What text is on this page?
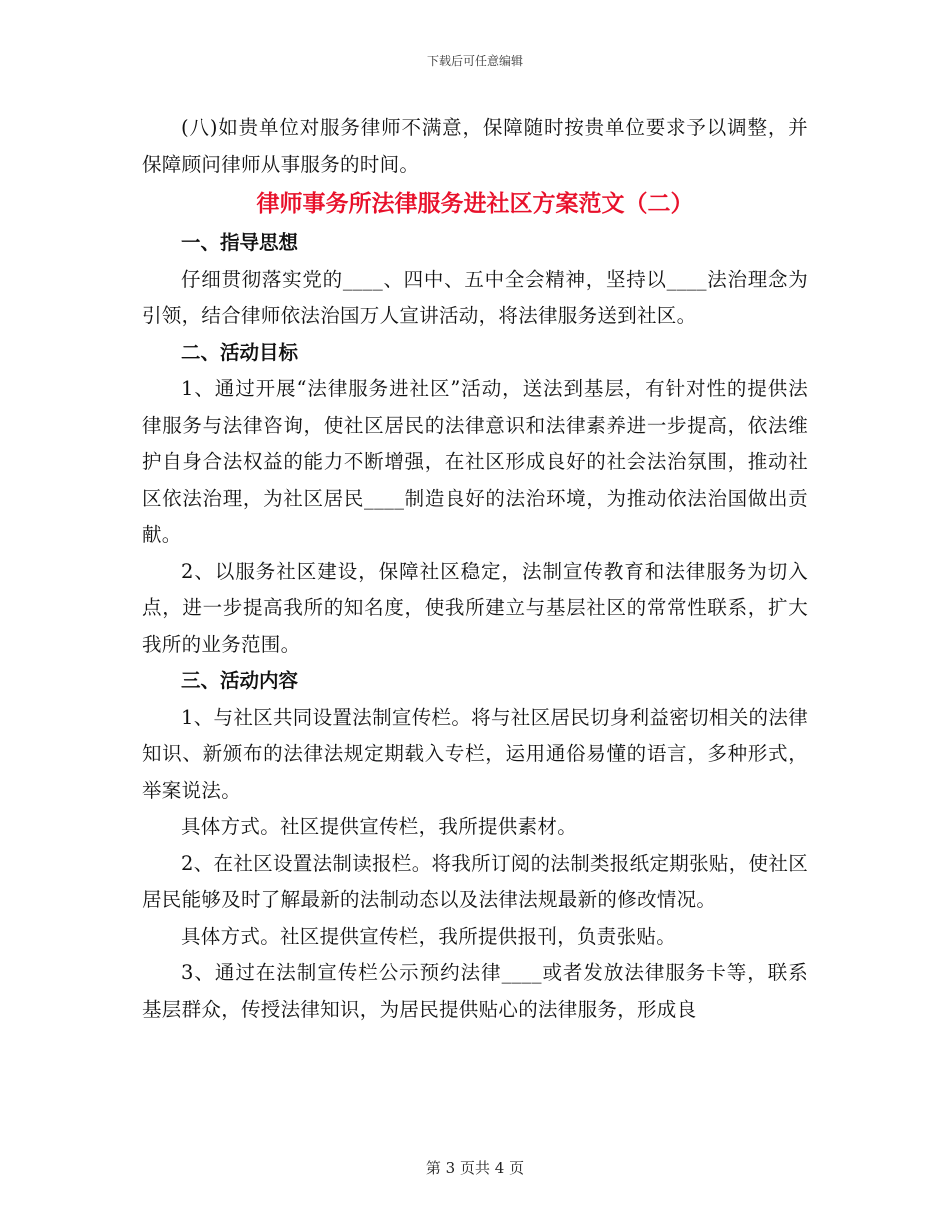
下载后可任意编辑

(八)如贵单位对服务律师不满意，保障随时按贵单位要求予以调整，并保障顾问律师从事服务的时间。

律师事务所法律服务进社区方案范文（二）

一、指导思想

仔细贯彻落实党的____、四中、五中全会精神，坚持以____法治理念为引领，结合律师依法治国万人宣讲活动，将法律服务送到社区。

二、活动目标

1、通过开展“法律服务进社区”活动，送法到基层，有针对性的提供法律服务与法律咨询，使社区居民的法律意识和法律素养进一步提高，依法维护自身合法权益的能力不断增强，在社区形成良好的社会法治氛围，推动社区依法治理，为社区居民____制造良好的法治环境，为推动依法治国做出贡献。

2、以服务社区建设，保障社区稳定，法制宣传教育和法律服务为切入点，进一步提高我所的知名度，使我所建立与基层社区的常常性联系，扩大我所的业务范围。

三、活动内容

1、与社区共同设置法制宣传栏。将与社区居民切身利益密切相关的法律知识、新颁布的法律法规定期载入专栏，运用通俗易懂的语言，多种形式，举案说法。

具体方式。社区提供宣传栏，我所提供素材。

2、在社区设置法制读报栏。将我所订阅的法制类报纸定期张贴，使社区居民能够及时了解最新的法制动态以及法律法规最新的修改情况。

具体方式。社区提供宣传栏，我所提供报刊，负责张贴。

3、通过在法制宣传栏公示预约法律____或者发放法律服务卡等，联系基层群众，传授法律知识，为居民提供贴心的法律服务，形成良

第 3 页共 4 页
